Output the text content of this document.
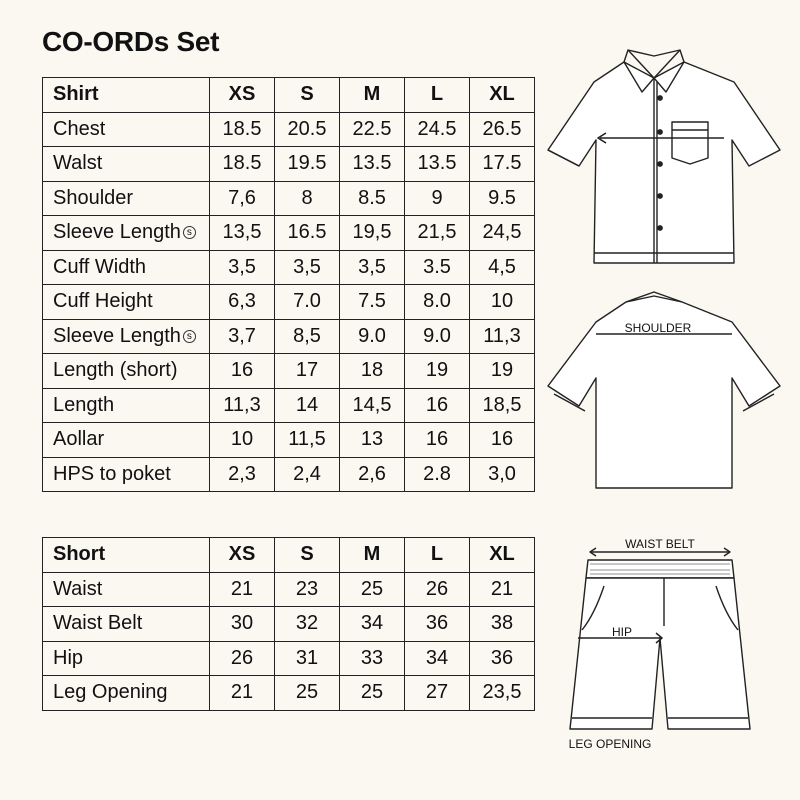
CO-ORDs Set
Shirt	XS	S	M	L	XL
Chest	18.5	20.5	22.5	24.5	26.5
Walst	18.5	19.5	13.5	13.5	17.5
Shoulder	7,6	8	8.5	9	9.5
Sleeve Length s	13,5	16.5	19,5	21,5	24,5
Cuff Width	3,5	3,5	3,5	3.5	4,5
Cuff Height	6,3	7.0	7.5	8.0	10
Sleeve Length s	3,7	8,5	9.0	9.0	11,3
Length (short)	16	17	18	19	19
Length	11,3	14	14,5	16	18,5
Aollar	10	11,5	13	16	16
HPS to poket	2,3	2,4	2,6	2.8	3,0
Short	XS	S	M	L	XL
Waist	21	23	25	26	21
Waist Belt	30	32	34	36	38
Hip	26	31	33	34	36
Leg Opening	21	25	25	27	23,5
SHOULDER
WAIST BELT
HIP
LEG OPENING
